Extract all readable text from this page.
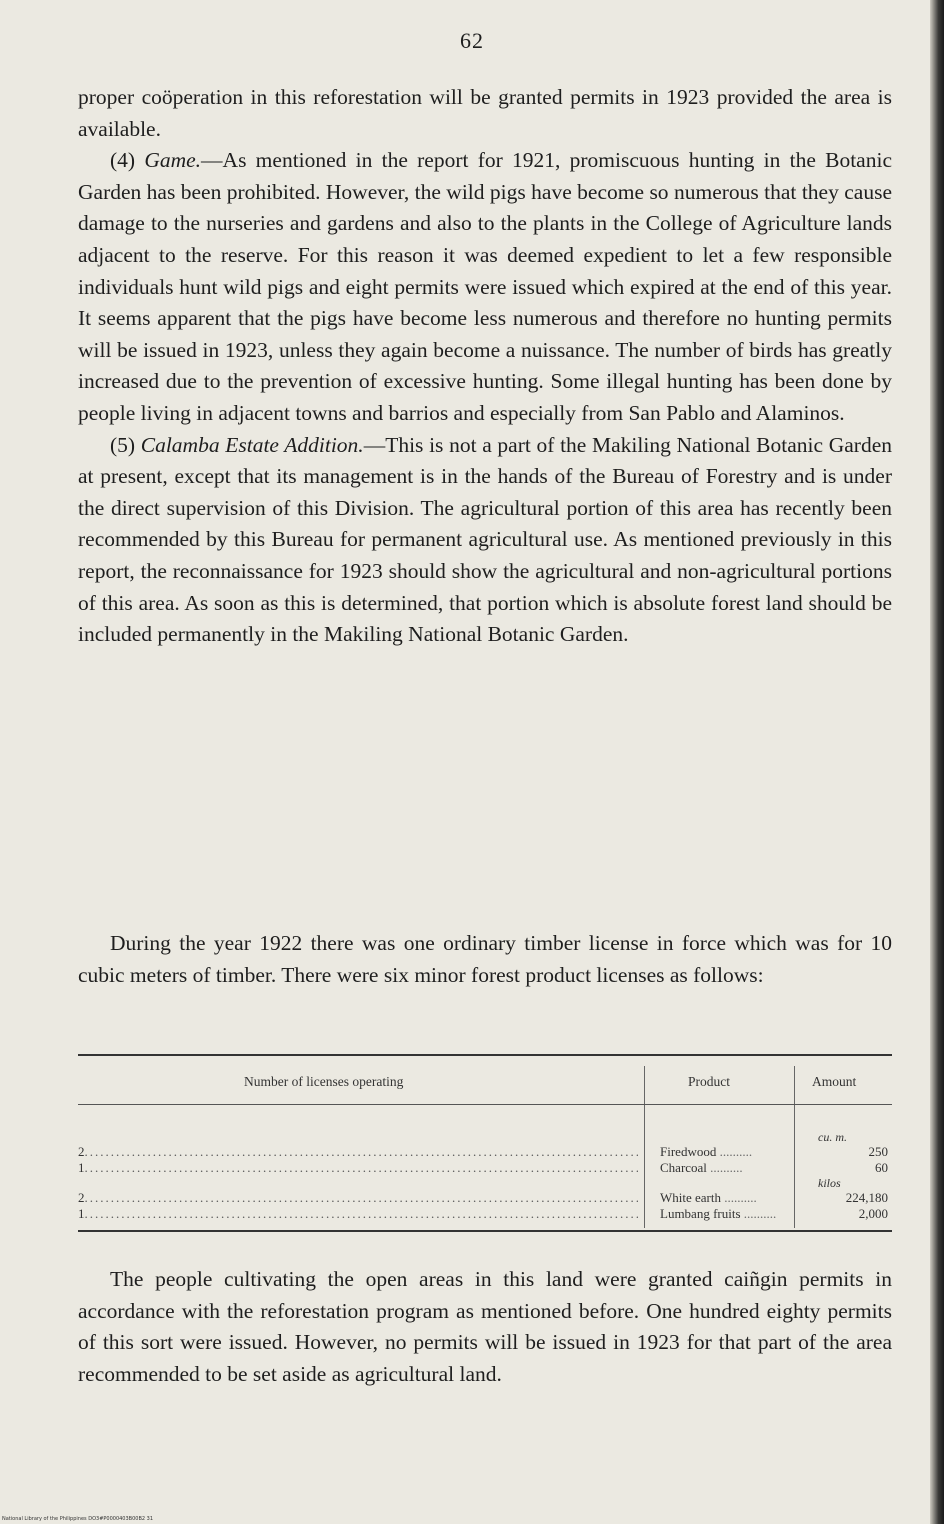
62

proper coöperation in this reforestation will be granted permits in 1923 provided the area is available.

(4) Game.—As mentioned in the report for 1921, promiscuous hunting in the Botanic Garden has been prohibited. However, the wild pigs have become so numerous that they cause damage to the nurseries and gardens and also to the plants in the College of Agriculture lands adjacent to the reserve. For this reason it was deemed expedient to let a few responsible individuals hunt wild pigs and eight permits were issued which expired at the end of this year. It seems apparent that the pigs have become less numerous and therefore no hunting permits will be issued in 1923, unless they again become a nuissance. The number of birds has greatly increased due to the prevention of excessive hunting. Some illegal hunting has been done by people living in adjacent towns and barrios and especially from San Pablo and Alaminos.

(5) Calamba Estate Addition.—This is not a part of the Makiling National Botanic Garden at present, except that its management is in the hands of the Bureau of Forestry and is under the direct supervision of this Division. The agricultural portion of this area has recently been recommended by this Bureau for permanent agricultural use. As mentioned previously in this report, the reconnaissance for 1923 should show the agricultural and non-agricultural portions of this area. As soon as this is determined, that portion which is absolute forest land should be included permanently in the Makiling National Botanic Garden.

During the year 1922 there was one ordinary timber license in force which was for 10 cubic meters of timber. There were six minor forest product licenses as follows:

Number of licenses operating	Product	Amount
cu. m.
2 .....	Firedwood .....	250
1 .....	Charcoal .....	60
kilos
2 .....	White earth .....	224,180
1 .....	Lumbang fruits .....	2,000

The people cultivating the open areas in this land were granted caiñgin permits in accordance with the reforestation program as mentioned before. One hundred eighty permits of this sort were issued. However, no permits will be issued in 1923 for that part of the area recommended to be set aside as agricultural land.

National Library of the Philippines DO3#P0000403B00B2 31
